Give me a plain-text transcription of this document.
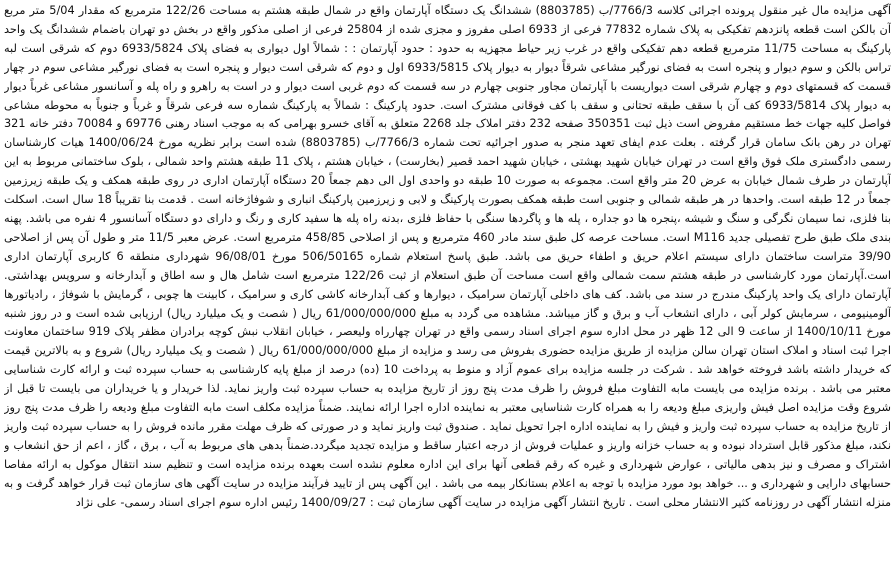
آگهی مزایده مال غیر منقول پرونده اجرائی کلاسه 7766/3/ب (8803785) ششدانگ یک دستگاه آپارتمان واقع در شمال طبقه هشتم به مساحت 122/26 مترمربع که مقدار 5/04 متر مربع آن بالکن است قطعه پانزدهم تفکیکی به پلاک شماره 77832 فرعی از 6933 اصلی مفروز و مجزی شده از 25804 فرعی از اصلی مذکور واقع در بخش دو تهران باضمام ششدانگ یک واحد پارکینگ به مساحت 11/75 مترمربع قطعه دهم تفکیکی واقع در غرب زیر حیاط مجهزیه به حدود : حدود آپارتمان : : شمالاً اول دیواری به فضای پلاک 6933/5824 دوم که شرقی است لبه تراس بالکن و سوم دیوار و پنجره است به فضای نورگیر مشاعی شرقاً دیوار به دیوار پلاک 6933/5815 اول و دوم که شرقی است دیوار و پنجره است به فضای نورگیر مشاعی سوم در چهار قسمت که قسمتهای دوم و چهارم شرقی است دیواریست با آپارتمان مجاور جنوبی چهارم در سه قسمت که دوم غربی است دیوار و در است به راهرو و راه پله و آسانسور مشاعی غرباً دیوار به دیوار پلاک 6933/5814 کف آن با سقف طبقه تحتانی و سقف با کف فوقانی مشترک است. حدود پارکینگ : شمالاً به پارکینگ شماره سه فرعی شرقاً و غرباً و جنوباً به محوطه مشاعی فواصل کلیه جهات خط مستقیم مفروض است ذیل ثبت 350351 صفحه 232 دفتر املاک جلد 2268 متعلق به آقای خسرو بهرامی که به موجب اسناد رهنی 69776 و 70084 دفتر خانه 321 تهران در رهن بانک سامان قرار گرفته . بعلت عدم ایفای تعهد منجر به صدور اجرائیه تحت شماره 7766/3/ب (8803785) شده است برابر نظریه مورخ 1400/06/24 هیات کارشناسان رسمی دادگستری ملک فوق واقع است در تهران خیابان شهید بهشتی ، خیابان شهید احمد قصیر (بخارست) ، خیابان هشتم ، پلاک 11 طبقه هشتم واحد شمالی ، بلوک ساختمانی مربوط به این آپارتمان در طرف شمال خیابان به عرض 20 متر واقع است. مجموعه به صورت 10 طبقه دو واحدی اول الی دهم جمعاً 20 دستگاه آپارتمان اداری در روی طبقه همکف و یک طبقه زیرزمین جمعاً در 12 طبقه است. واحدها در هر طبقه شمالی و جنوبی است طبقه همکف بصورت پارکینگ و لابی و زیرزمین پارکینگ انباری و شوفاژخانه است . قدمت بنا تقریباً 18 سال است. اسکلت بنا فلزی، نما سیمان نگرگی و سنگ و شیشه ،پنجره ها دو جداره ، پله ها و پاگردها سنگی با حفاظ فلزی ،بدنه راه پله ها سفید کاری و رنگ و دارای دو دستگاه آسانسور 4 نفره می باشد. پهنه بندی ملک طبق طرح تفصیلی جدید M116 است. مساحت عرصه کل طبق سند مادر 460 مترمربع و پس از اصلاحی 458/85 مترمربع است. عرض معبر 11/5 متر و طول آن پس از اصلاحی 39/90 متراست ساختمان دارای سیستم اعلام حریق و اطفاء حریق می باشد. طبق پاسخ استعلام شماره 506/50165 مورخ 96/08/01 شهرداری منطقه 6 کاربری آپارتمان اداری است.آپارتمان مورد کارشناسی در طبقه هشتم سمت شمالی واقع است مساحت آن طبق استعلام از ثبت 122/26 مترمربع است شامل هال و سه اطاق و آبدارخانه و سرویس بهداشتی. آپارتمان دارای یک واحد پارکینگ مندرج در سند می باشد. کف های داخلی آپارتمان سرامیک ، دیوارها و کف آبدارخانه کاشی کاری و سرامیک ، کابینت ها چوبی ، گرمایش با شوفاژ ، رادیاتورها آلومینیومی ، سرمایش کولر آبی ، دارای انشعاب آب و برق و گاز میباشد. مشاهده می گردد به مبلغ 61/000/000/000 ریال ( شصت و یک میلیارد ریال) ارزیابی شده است و در روز شنبه مورخ 1400/10/11 از ساعت 9 الی 12 ظهر در محل اداره سوم اجرای اسناد رسمی واقع در تهران چهارراه ولیعصر ، خیابان انقلاب نبش کوچه برادران مظفر پلاک 919 ساختمان معاونت اجرا ثبت اسناد و املاک استان تهران سالن مزایده از طریق مزایده حضوری بفروش می رسد و مزایده از مبلغ 61/000/000/000 ریال ( شصت و یک میلیارد ریال) شروع و به بالاترین قیمت که خریدار داشته باشد فروخته خواهد شد . شرکت در جلسه مزایده برای عموم آزاد و منوط به پرداخت 10 (ده) درصد از مبلغ پایه کارشناسی به حساب سپرده ثبت و ارائه کارت شناسایی معتبر می باشد . برنده مزایده می بایست مابه التفاوت مبلغ فروش را ظرف مدت پنج روز از تاریخ مزایده به حساب سپرده ثبت واریز نماید. لذا خریدار و یا خریداران می بایست تا قبل از شروع وقت مزایده اصل فیش واریزی مبلغ ودیعه را به همراه کارت شناسایی معتبر به نماینده اداره اجرا ارائه نمایند. ضمناً مزایده مکلف است مابه التفاوت مبلغ ودیعه را ظرف مدت پنج روز از تاریخ مزایده به حساب سپرده ثبت واریز و فیش را به نماینده اداره اجرا تحویل نماید . صندوق ثبت واریز نماید و در صورتی که ظرف مهلت مقرر مانده فروش را به حساب سپرده ثبت واریز نکند، مبلغ مذکور قابل استرداد نبوده و به حساب خزانه واریز و عملیات فروش از درجه اعتبار ساقط و مزایده تجدید میگردد.ضمناً بدهی های مربوط به آب ، برق ، گاز ، اعم از حق انشعاب و اشتراک و مصرف و نیز بدهی مالیاتی ، عوارض شهرداری و غیره که رقم قطعی آنها برای این اداره معلوم نشده است بعهده برنده مزایده است و تنظیم سند انتقال موکول به ارائه مفاصا حسابهای دارایی و شهرداری و ... خواهد بود مورد مزایده با توجه به اعلام بستانکار بیمه می باشد . این آگهی پس از تایید فرآیند مزایده در سایت آگهی های سازمان ثبت قرار خواهد گرفت و به منزله انتشار آگهی در روزنامه کثیر الانتشار محلی است . تاریخ انتشار آگهی مزایده در سایت آگهی سازمان ثبت : 1400/09/27 رئیس اداره سوم اجرای اسناد رسمی- علی نژاد
